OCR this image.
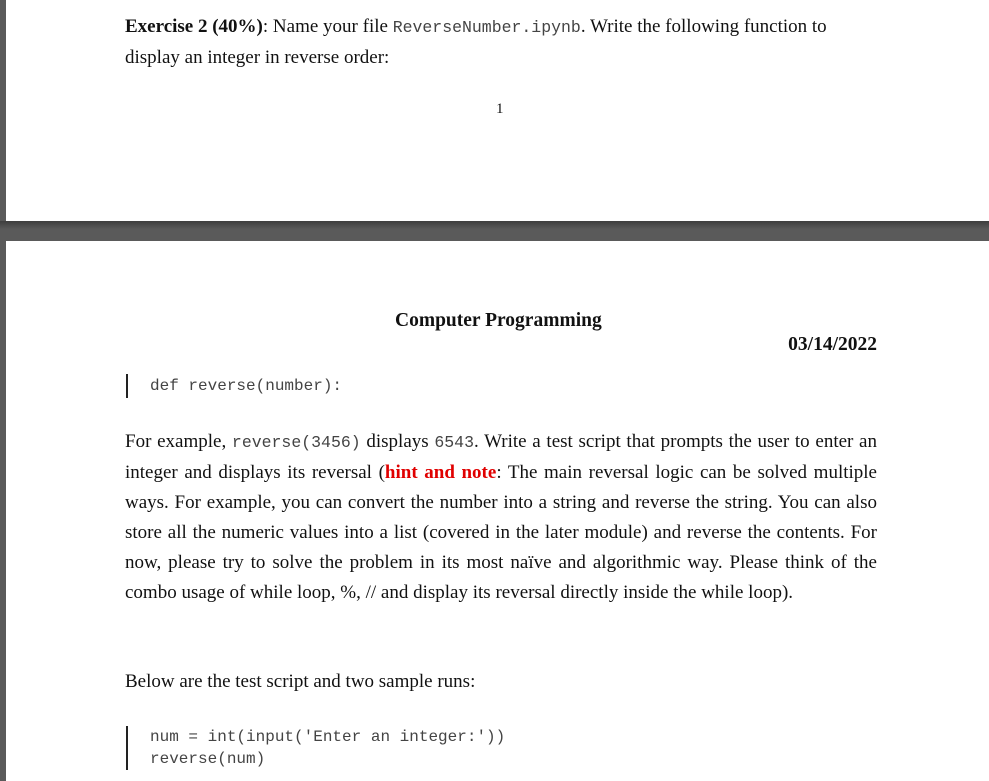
Exercise 2 (40%): Name your file ReverseNumber.ipynb. Write the following function to display an integer in reverse order:

1
Computer Programming
03/14/2022
def reverse(number):

For example, reverse(3456) displays 6543. Write a test script that prompts the user to enter an integer and displays its reversal (hint and note: The main reversal logic can be solved multiple ways. For example, you can convert the number into a string and reverse the string. You can also store all the numeric values into a list (covered in the later module) and reverse the contents. For now, please try to solve the problem in its most naïve and algorithmic way. Please think of the combo usage of while loop, %, // and display its reversal directly inside the while loop).

Below are the test script and two sample runs:

num = int(input('Enter an integer:'))
reverse(num)
